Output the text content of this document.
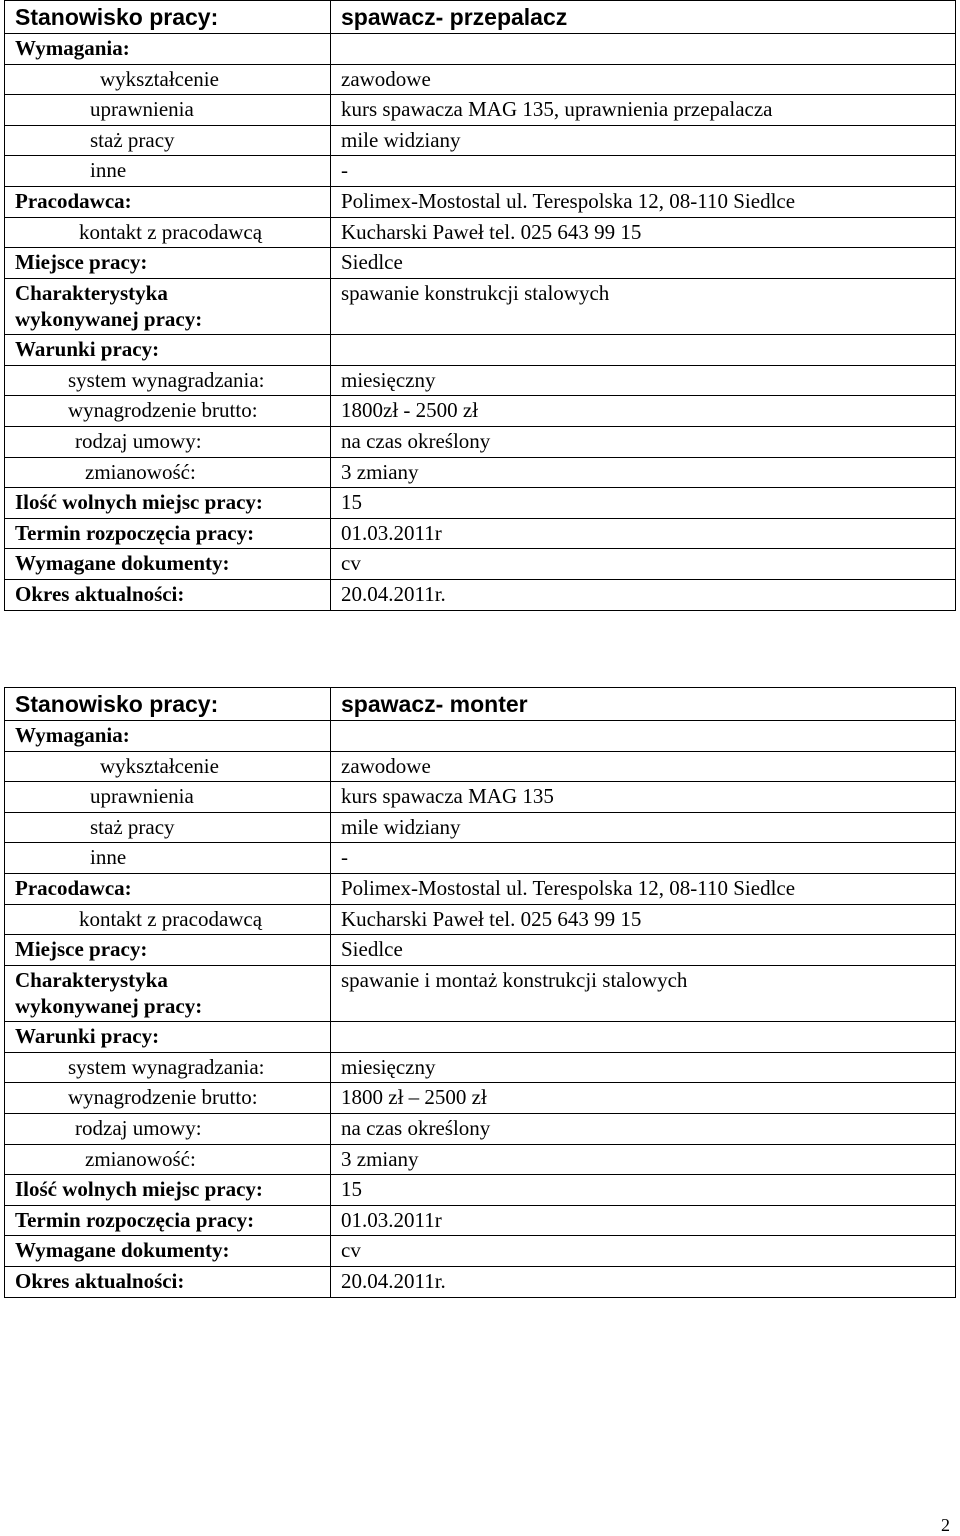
Stanowisko pracy:	spawacz- przepalacz
Wymagania:	
wykształcenie	zawodowe
uprawnienia	kurs spawacza MAG 135, uprawnienia przepalacza
staż pracy	mile widziany
inne	-
Pracodawca:	Polimex-Mostostal ul. Terespolska 12, 08-110 Siedlce
kontakt z pracodawcą	Kucharski Paweł tel. 025 643 99 15
Miejsce pracy:	Siedlce

Charakterystyka
wykonywanej pracy:	spawanie konstrukcji stalowych
Warunki pracy:	
system wynagradzania:	miesięczny
wynagrodzenie brutto:	1800zł - 2500 zł
rodzaj umowy:	na czas określony
zmianowość:	3 zmiany
Ilość wolnych miejsc pracy:	15
Termin rozpoczęcia pracy:	01.03.2011r
Wymagane dokumenty:	cv
Okres aktualności:	20.04.2011r.
Stanowisko pracy:	spawacz- monter
Wymagania:	
wykształcenie	zawodowe
uprawnienia	kurs spawacza MAG 135
staż pracy	mile widziany
inne	-
Pracodawca:	Polimex-Mostostal ul. Terespolska 12, 08-110 Siedlce
kontakt z pracodawcą	Kucharski Paweł tel. 025 643 99 15
Miejsce pracy:	Siedlce

Charakterystyka
wykonywanej pracy:	spawanie i montaż konstrukcji stalowych
Warunki pracy:	
system wynagradzania:	miesięczny
wynagrodzenie brutto:	1800 zł – 2500 zł
rodzaj umowy:	na czas określony
zmianowość:	3 zmiany
Ilość wolnych miejsc pracy:	15
Termin rozpoczęcia pracy:	01.03.2011r
Wymagane dokumenty:	cv
Okres aktualności:	20.04.2011r.
2
